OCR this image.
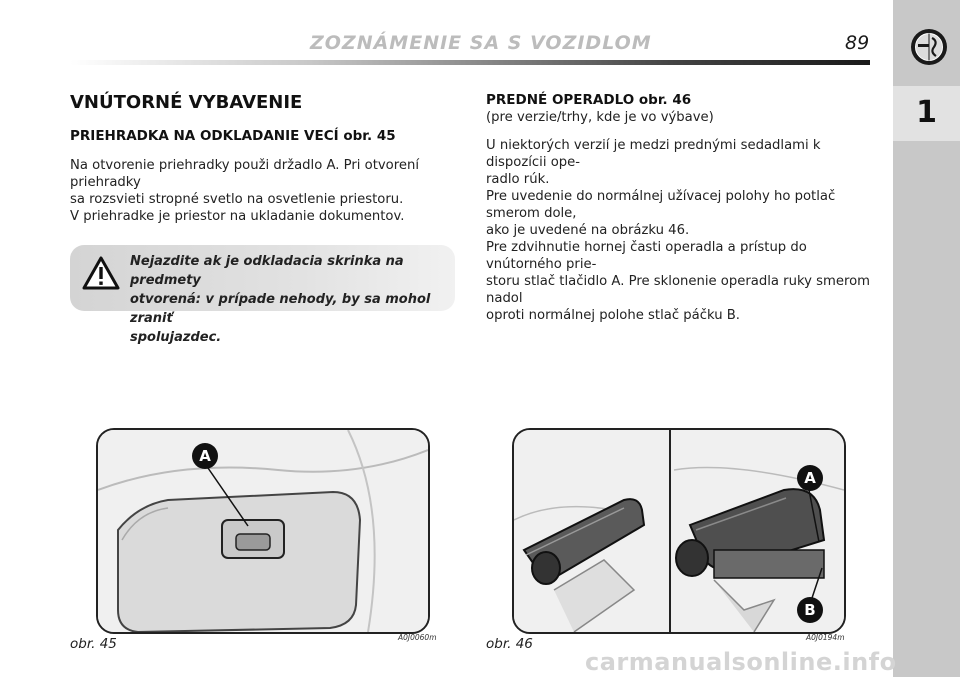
ZOZNÁMENIE SA S VOZIDLOM	89
1
VNÚTORNÉ VYBAVENIE
PRIEHRADKA NA ODKLADANIE VECÍ obr. 45

Na otvorenie priehradky použi držadlo A. Pri otvorení priehradky

sa rozsvieti stropné svetlo na osvetlenie priestoru.

V priehradke je priestor na ukladanie dokumentov.

Nejazdite ak je odkladacia skrinka na predmety
otvorená: v prípade nehody, by sa mohol zraniť
spolujazdec.
PREDNÉ OPERADLO obr. 46
(pre verzie/trhy, kde je vo výbave)

U niektorých verzií je medzi prednými sedadlami k dispozícii ope-

radlo rúk.

Pre uvedenie do normálnej užívacej polohy ho potlač smerom dole,

ako je uvedené na obrázku 46.

Pre zdvihnutie hornej časti operadla a prístup do vnútorného prie-

storu stlač tlačidlo A. Pre sklonenie operadla ruky smerom nadol

oproti normálnej polohe stlač páčku B.

A
obr. 45	A0J0060m
A
B
obr. 46	A0J0194m
carmanualsonline.info
